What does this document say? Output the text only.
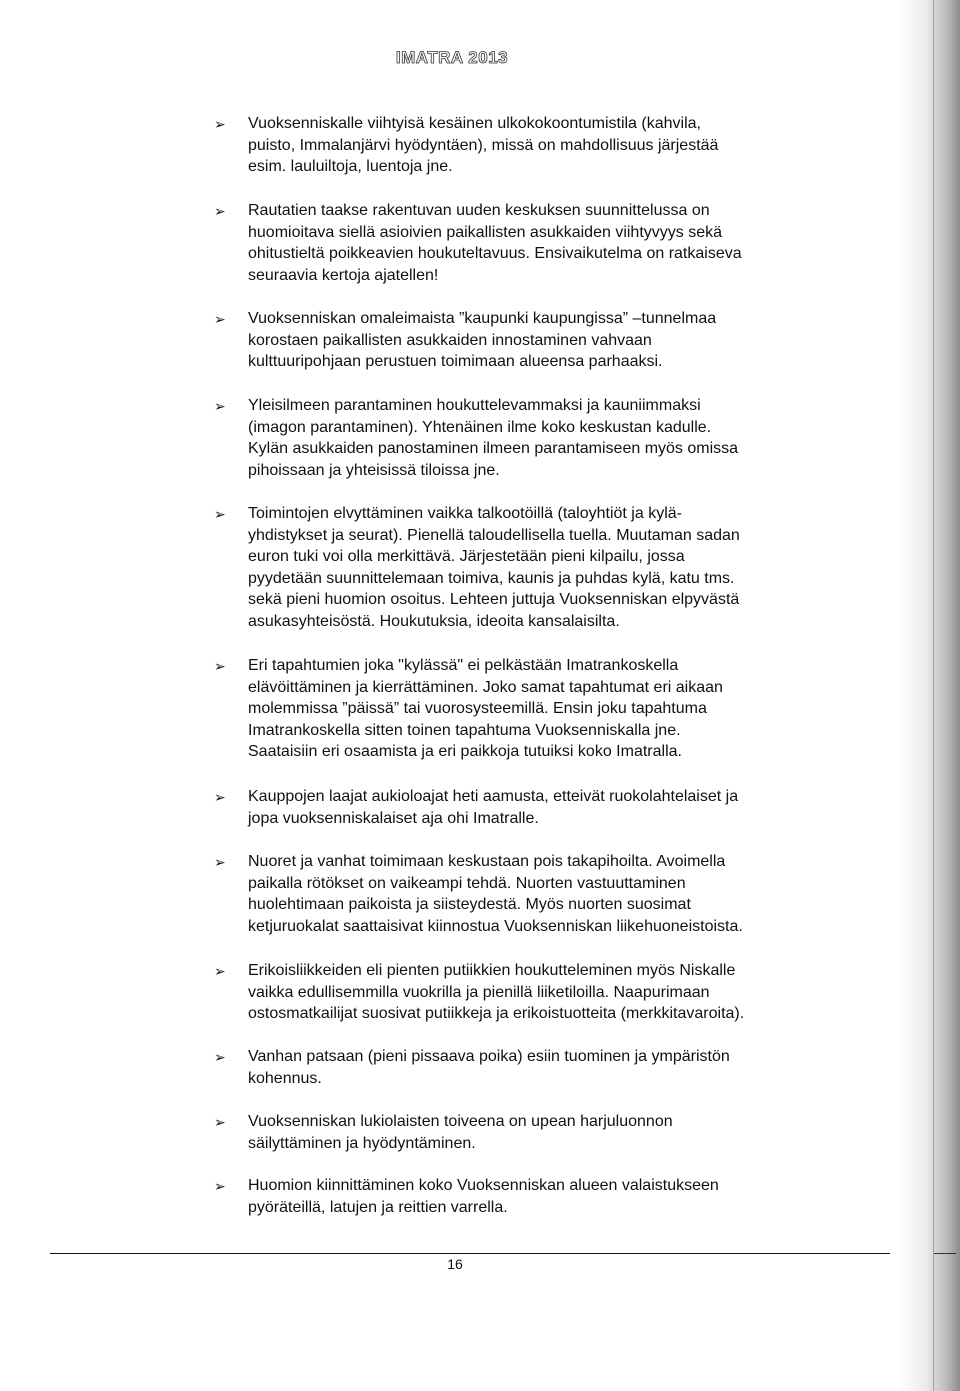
IMATRA 2013
➢ Vuoksenniskalle viihtyisä kesäinen ulkokokoontumistila (kahvila,
puisto, Immalanjärvi hyödyntäen), missä on mahdollisuus järjestää
esim. lauluiltoja, luentoja jne.
➢ Rautatien taakse rakentuvan uuden keskuksen suunnittelussa on
huomioitava siellä asioivien paikallisten asukkaiden viihtyvyys sekä
ohitustieltä poikkeavien houkuteltavuus. Ensivaikutelma on ratkaiseva
seuraavia kertoja ajatellen!
➢ Vuoksenniskan omaleimaista ”kaupunki kaupungissa” –tunnelmaa
korostaen paikallisten asukkaiden innostaminen vahvaan
kulttuuripohjaan perustuen toimimaan alueensa parhaaksi.
➢ Yleisilmeen parantaminen houkuttelevammaksi ja kauniimmaksi
(imagon parantaminen). Yhtenäinen ilme koko keskustan kadulle.
Kylän asukkaiden panostaminen ilmeen parantamiseen myös omissa
pihoissaan ja yhteisissä tiloissa jne.
➢ Toimintojen elvyttäminen vaikka talkootöillä (taloyhtiöt ja kylä-
yhdistykset ja seurat). Pienellä taloudellisella tuella. Muutaman sadan
euron tuki voi olla merkittävä. Järjestetään pieni kilpailu, jossa
pyydetään suunnittelemaan toimiva, kaunis ja puhdas kylä, katu tms.
sekä pieni huomion osoitus. Lehteen juttuja Vuoksenniskan elpyvästä
asukasyhteisöstä. Houkutuksia, ideoita kansalaisilta.
➢ Eri tapahtumien joka "kylässä" ei pelkästään Imatrankoskella
elävöittäminen ja kierrättäminen. Joko samat tapahtumat eri aikaan
molemmissa ”päissä” tai vuorosysteemillä. Ensin joku tapahtuma
Imatrankoskella sitten toinen tapahtuma Vuoksenniskalla jne.
Saataisiin eri osaamista ja eri paikkoja tutuiksi koko Imatralla.
➢ Kauppojen laajat aukioloajat heti aamusta, etteivät ruokolahtelaiset ja
jopa vuoksenniskalaiset aja ohi Imatralle.
➢ Nuoret ja vanhat toimimaan keskustaan pois takapihoilta. Avoimella
paikalla rötökset on vaikeampi tehdä. Nuorten vastuuttaminen
huolehtimaan paikoista ja siisteydestä. Myös nuorten suosimat
ketjuruokalat saattaisivat kiinnostua Vuoksenniskan liikehuoneistoista.
➢ Erikoisliikkeiden eli pienten putiikkien houkutteleminen myös Niskalle
vaikka edullisemmilla vuokrilla ja pienillä liiketiloilla. Naapurimaan
ostosmatkailijat suosivat putiikkeja ja erikoistuotteita (merkkitavaroita).
➢ Vanhan patsaan (pieni pissaava poika) esiin tuominen ja ympäristön
kohennus.
➢ Vuoksenniskan lukiolaisten toiveena on upean harjuluonnon
säilyttäminen ja hyödyntäminen.
➢ Huomion kiinnittäminen koko Vuoksenniskan alueen valaistukseen
pyöräteillä, latujen ja reittien varrella.
16
